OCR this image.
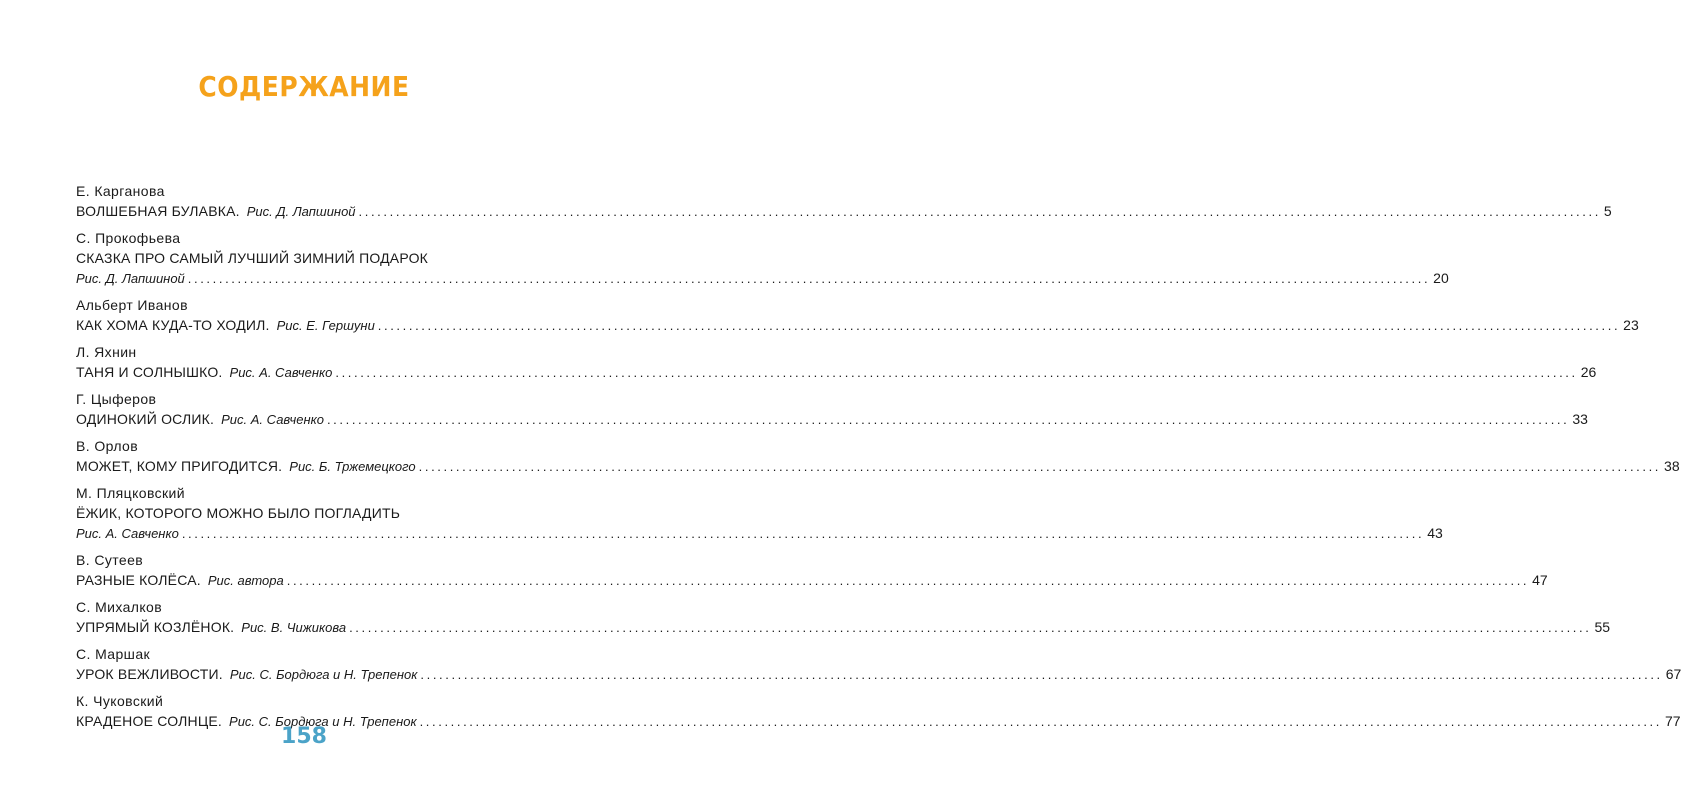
СОДЕРЖАНИЕ
Е. Карганова
ВОЛШЕБНАЯ БУЛАВКА. Рис. Д. Лапшиной ........................................................................................................................................................................................................ 5
С. Прокофьева
СКАЗКА ПРО САМЫЙ ЛУЧШИЙ ЗИМНИЙ ПОДАРОК
Рис. Д. Лапшиной ........................................................................................................................................................................................................ 20
Альберт Иванов
КАК ХОМА КУДА-ТО ХОДИЛ. Рис. Е. Гершуни ........................................................................................................................................................................................................ 23
Л. Яхнин
ТАНЯ И СОЛНЫШКО. Рис. А. Савченко ........................................................................................................................................................................................................ 26
Г. Цыферов
ОДИНОКИЙ ОСЛИК. Рис. А. Савченко ........................................................................................................................................................................................................ 33
В. Орлов
МОЖЕТ, КОМУ ПРИГОДИТСЯ. Рис. Б. Тржемецкого ........................................................................................................................................................................................................ 38
М. Пляцковский
ЁЖИК, КОТОРОГО МОЖНО БЫЛО ПОГЛАДИТЬ
Рис. А. Савченко ........................................................................................................................................................................................................ 43
В. Сутеев
РАЗНЫЕ КОЛЁСА. Рис. автора ........................................................................................................................................................................................................ 47
С. Михалков
УПРЯМЫЙ КОЗЛЁНОК. Рис. В. Чижикова ........................................................................................................................................................................................................ 55
С. Маршак
УРОК ВЕЖЛИВОСТИ. Рис. С. Бордюга и Н. Трепенок ........................................................................................................................................................................................................ 67
К. Чуковский
КРАДЕНОЕ СОЛНЦЕ. Рис. С. Бордюга и Н. Трепенок ........................................................................................................................................................................................................ 77
158
